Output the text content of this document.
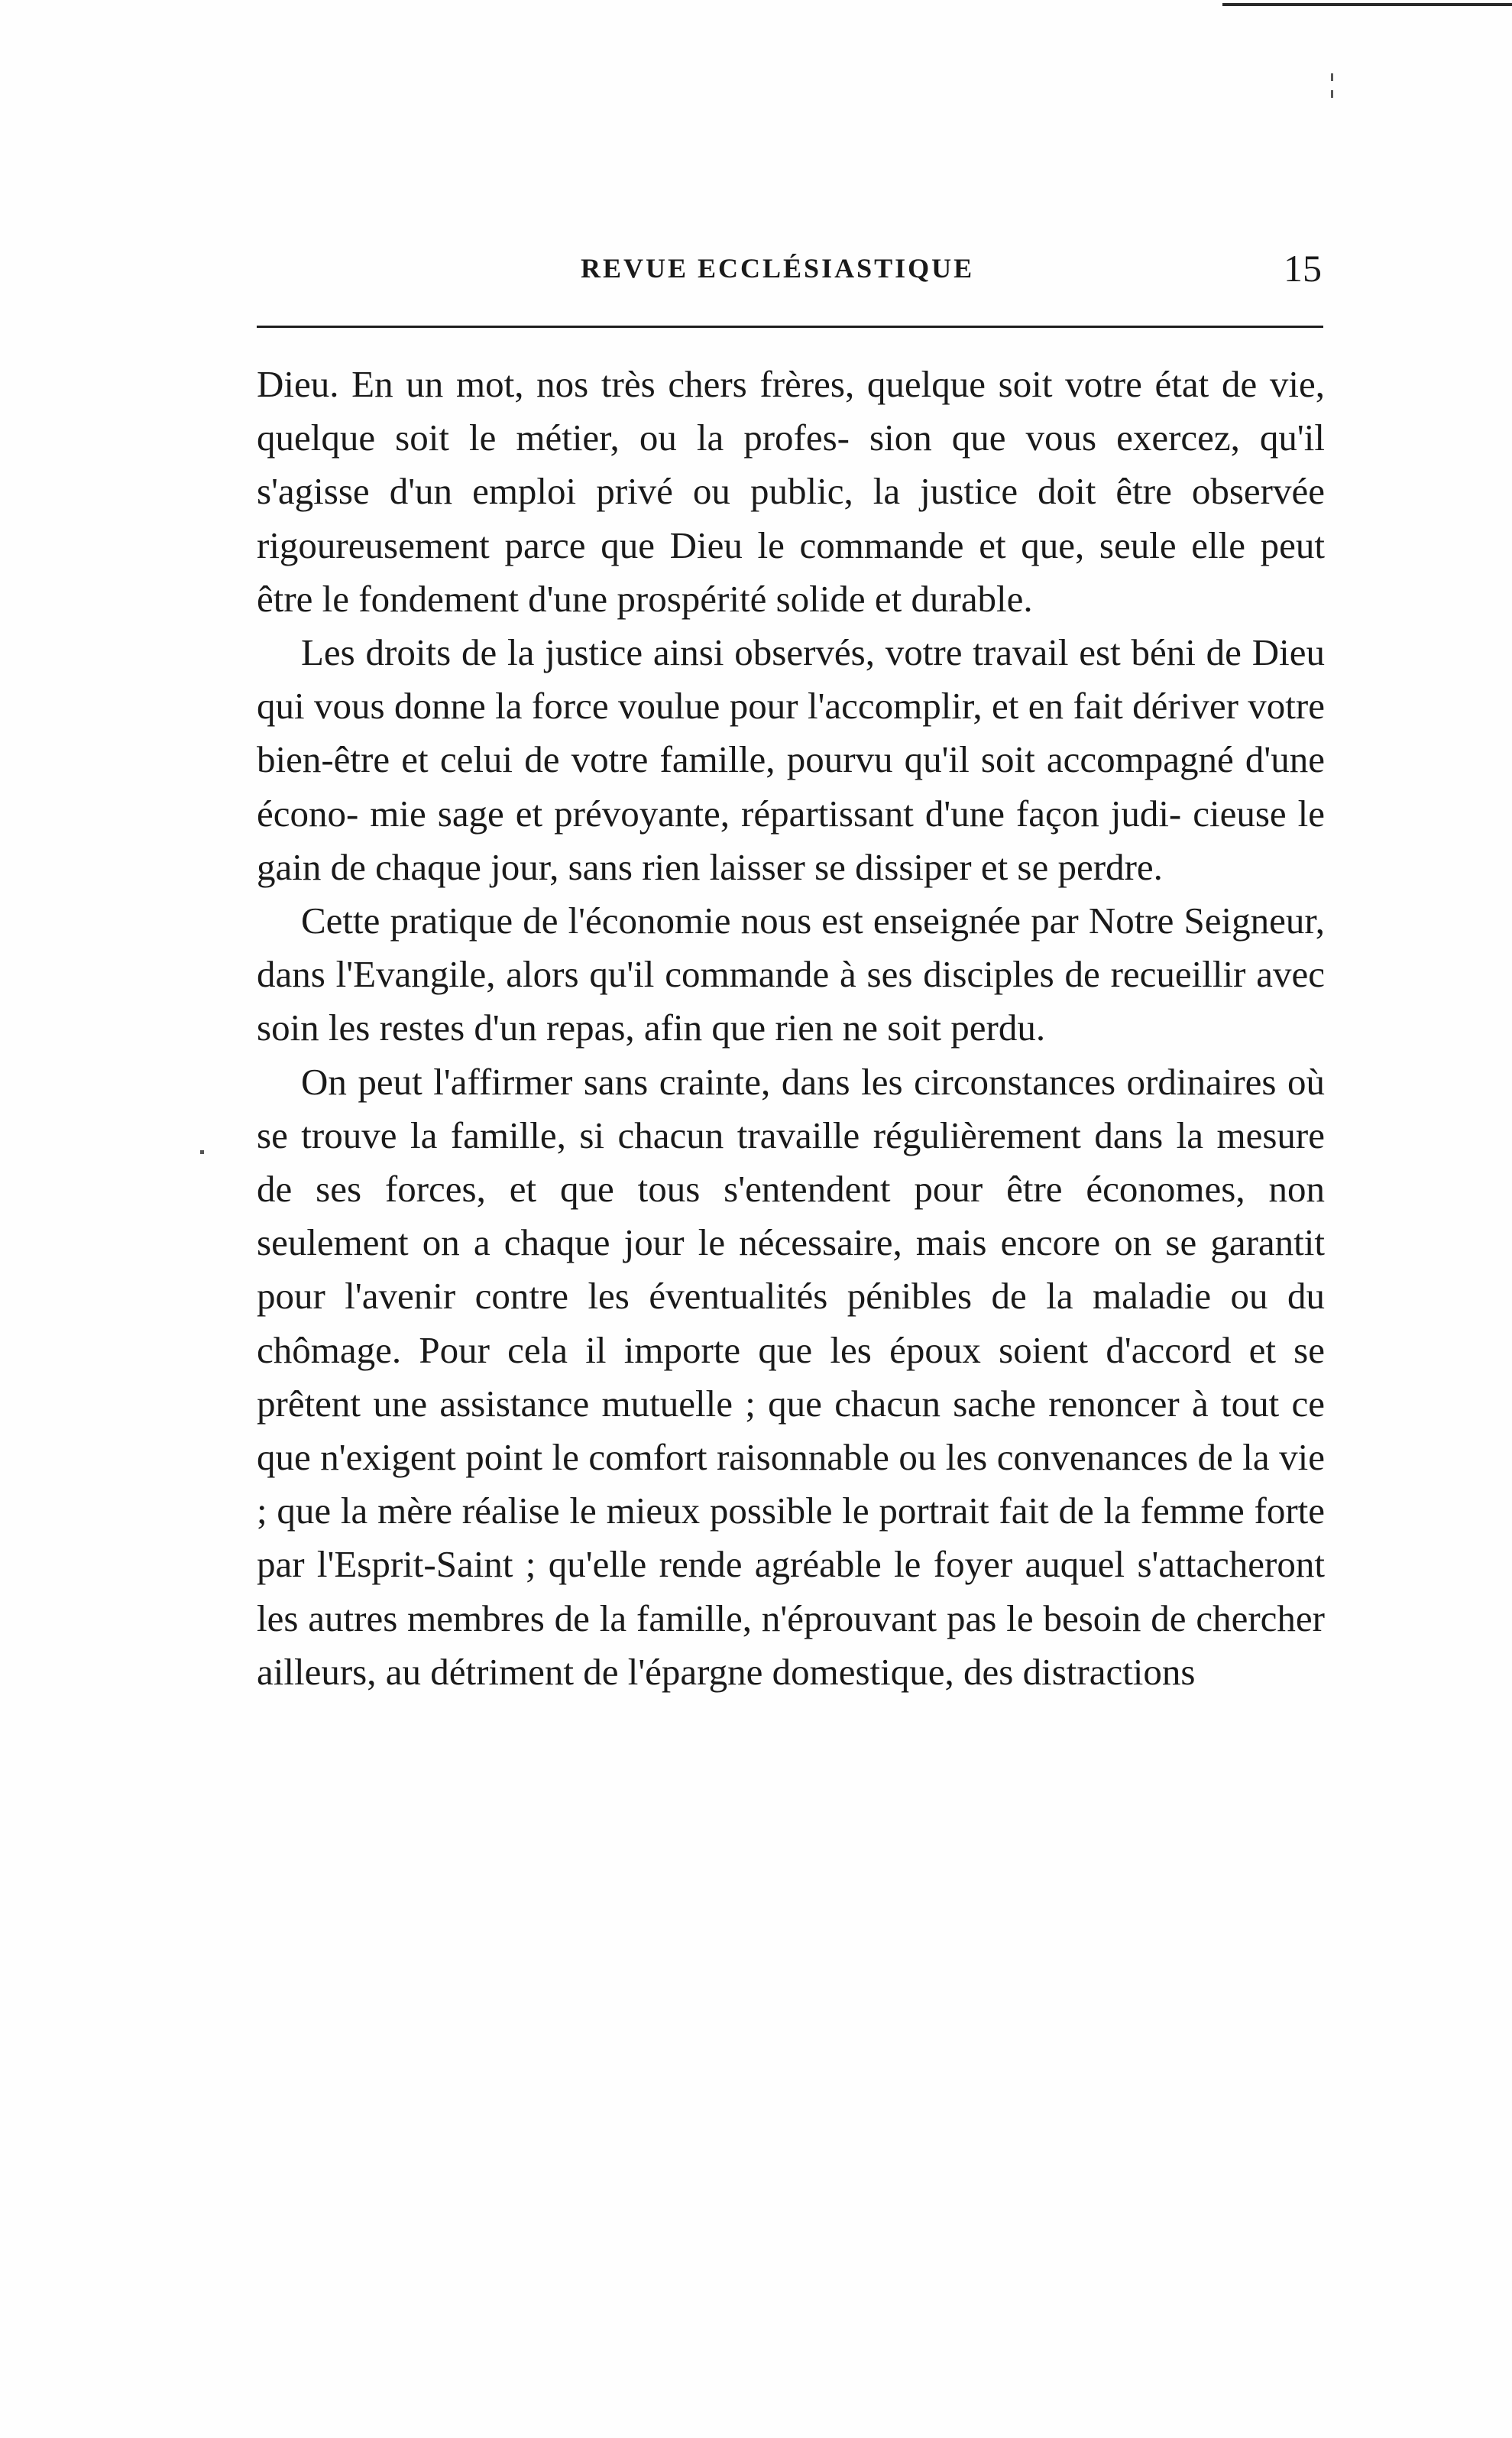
REVUE ECCLÉSIASTIQUE	15

Dieu. En un mot, nos très chers frères, quelque soit votre état de vie, quelque soit le métier, ou la profes- sion que vous exercez, qu'il s'agisse d'un emploi privé ou public, la justice doit être observée rigoureusement parce que Dieu le commande et que, seule elle peut être le fondement d'une prospérité solide et durable.

Les droits de la justice ainsi observés, votre travail est béni de Dieu qui vous donne la force voulue pour l'accomplir, et en fait dériver votre bien-être et celui de votre famille, pourvu qu'il soit accompagné d'une écono- mie sage et prévoyante, répartissant d'une façon judi- cieuse le gain de chaque jour, sans rien laisser se dissiper et se perdre.

Cette pratique de l'économie nous est enseignée par Notre Seigneur, dans l'Evangile, alors qu'il commande à ses disciples de recueillir avec soin les restes d'un repas, afin que rien ne soit perdu.

On peut l'affirmer sans crainte, dans les circonstances ordinaires où se trouve la famille, si chacun travaille régulièrement dans la mesure de ses forces, et que tous s'entendent pour être économes, non seulement on a chaque jour le nécessaire, mais encore on se garantit pour l'avenir contre les éventualités pénibles de la maladie ou du chômage. Pour cela il importe que les époux soient d'accord et se prêtent une assistance mutuelle ; que chacun sache renoncer à tout ce que n'exigent point le comfort raisonnable ou les convenances de la vie ; que la mère réalise le mieux possible le portrait fait de la femme forte par l'Esprit-Saint ; qu'elle rende agréable le foyer auquel s'attacheront les autres membres de la famille, n'éprouvant pas le besoin de chercher ailleurs, au détriment de l'épargne domestique, des distractions
